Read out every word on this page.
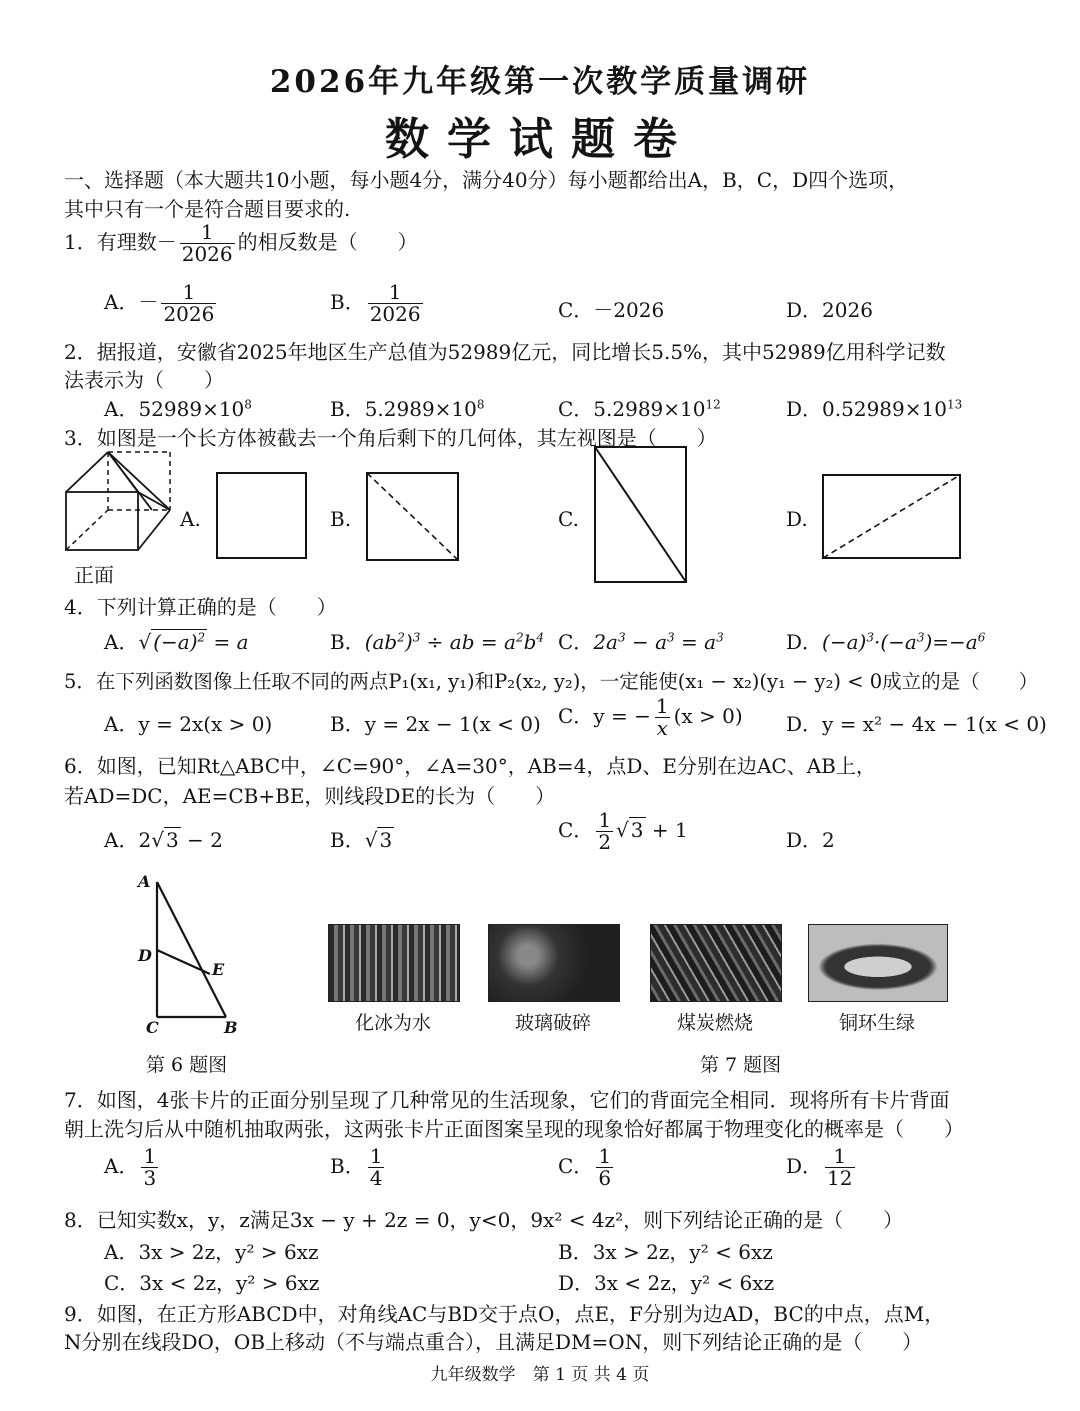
2026年九年级第一次教学质量调研
数学试题卷
一、选择题（本大题共10小题，每小题4分，满分40分）每小题都给出A，B，C，D四个选项，
其中只有一个是符合题目要求的.
1．有理数－ $\frac{1}{2026}$ 的相反数是（　　）
A．－ $\frac{1}{2026}$	B． $\frac{1}{2026}$	C．－2026	D．2026
2．据报道，安徽省2025年地区生产总值为52989亿元，同比增长5.5%，其中52989亿用科学记数
法表示为（　　）
A．$52989\times 10^8$	B．$5.2989\times 10^8$	C．$5.2989\times 10^{12}$	D．$0.52989\times 10^{13}$
3．如图是一个长方体被截去一个角后剩下的几何体，其左视图是（　　）
正面
A.	B.	C.	D.
4．下列计算正确的是（　　）
A．√ $(-a)^2 = a$	B．$(ab^2)^3$ ÷ ab = $a^2b^4$ C．$2a^3 - a^3 = a^3$	D．$(-a)^3\cdot(-a^3)=-a^6$
5．在下列函数图像上任取不同的两点P₁(x₁, y₁)和P₂(x₂, y₂)，一定能使(x₁ − x₂)(y₁ − y₂) < 0成立的是（　　）
A．y = 2x(x > 0)	B．y = 2x − 1(x < 0) C．y = − $\frac{1}{x} (x > 0)$ D．y = x² − 4x − 1(x < 0)
6．如图，已知Rt△ABC中，∠C=90°，∠A=30°，AB=4，点D、E分别在边AC、AB上，
若AD=DC，AE=CB+BE，则线段DE的长为（　　）
A．2√ 3 − 2	B．√ 3	C． $\frac{1}{2}$ √ 3 + 1	D．2
A
D
E
C	B
第 6 题图
化冰为水	玻璃破碎	煤炭燃烧	铜环生绿
第 7 题图
7．如图，4张卡片的正面分别呈现了几种常见的生活现象，它们的背面完全相同．现将所有卡片背面
朝上洗匀后从中随机抽取两张，这两张卡片正面图案呈现的现象恰好都属于物理变化的概率是（　　）
A． $\frac{1}{3}$	B． $\frac{1}{4}$	C． $\frac{1}{6}$	D． $\frac{1}{12}$
8．已知实数x，y，z满足3x − y + 2z = 0，y<0，9x² < 4z²，则下列结论正确的是（　　）
A．3x > 2z，y² > 6xz	B．3x > 2z，y² < 6xz
C．3x < 2z，y² > 6xz	D．3x < 2z，y² < 6xz
9．如图，在正方形ABCD中，对角线AC与BD交于点O，点E，F分别为边AD，BC的中点，点M，
N分别在线段DO，OB上移动（不与端点重合），且满足DM=ON，则下列结论正确的是（　　）
九年级数学　第 1 页 共 4 页
